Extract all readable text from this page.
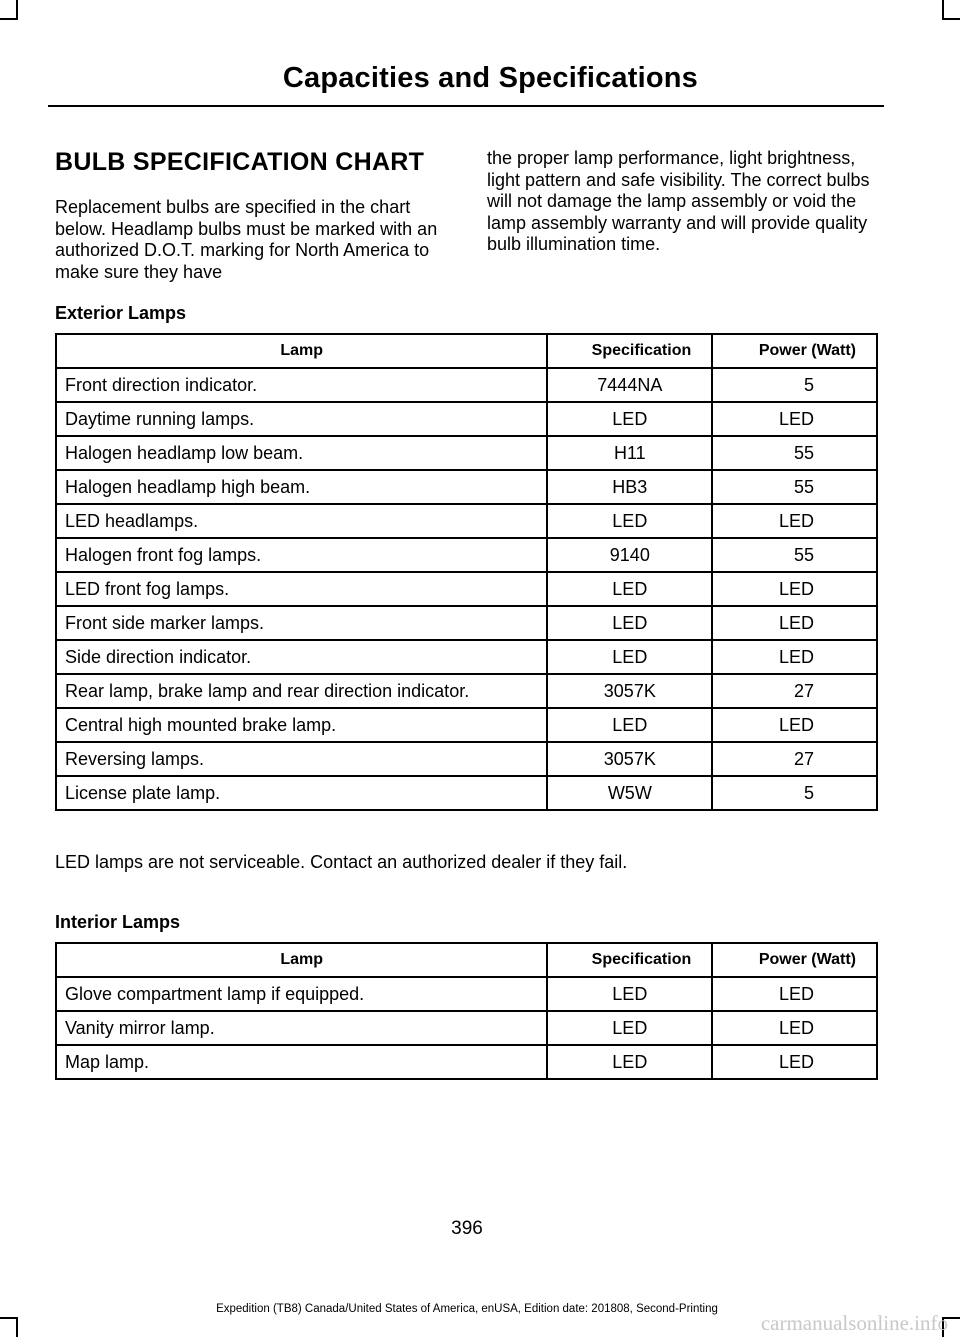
Capacities and Specifications
BULB SPECIFICATION CHART

Replacement bulbs are specified in the chart below. Headlamp bulbs must be marked with an authorized D.O.T. marking for North America to make sure they have

the proper lamp performance, light brightness, light pattern and safe visibility. The correct bulbs will not damage the lamp assembly or void the lamp assembly warranty and will provide quality bulb illumination time.

Exterior Lamps
Lamp	Specification	Power (Watt)
Front direction indicator.	7444NA	5
Daytime running lamps.	LED	LED
Halogen headlamp low beam.	H11	55
Halogen headlamp high beam.	HB3	55
LED headlamps.	LED	LED
Halogen front fog lamps.	9140	55
LED front fog lamps.	LED	LED
Front side marker lamps.	LED	LED
Side direction indicator.	LED	LED
Rear lamp, brake lamp and rear direction indicator.	3057K	27
Central high mounted brake lamp.	LED	LED
Reversing lamps.	3057K	27
License plate lamp.	W5W	5
LED lamps are not serviceable. Contact an authorized dealer if they fail.
Interior Lamps
Lamp	Specification	Power (Watt)
Glove compartment lamp if equipped.	LED	LED
Vanity mirror lamp.	LED	LED
Map lamp.	LED	LED
396
Expedition (TB8) Canada/United States of America, enUSA, Edition date: 201808, Second-Printing
carmanualsonline.info
